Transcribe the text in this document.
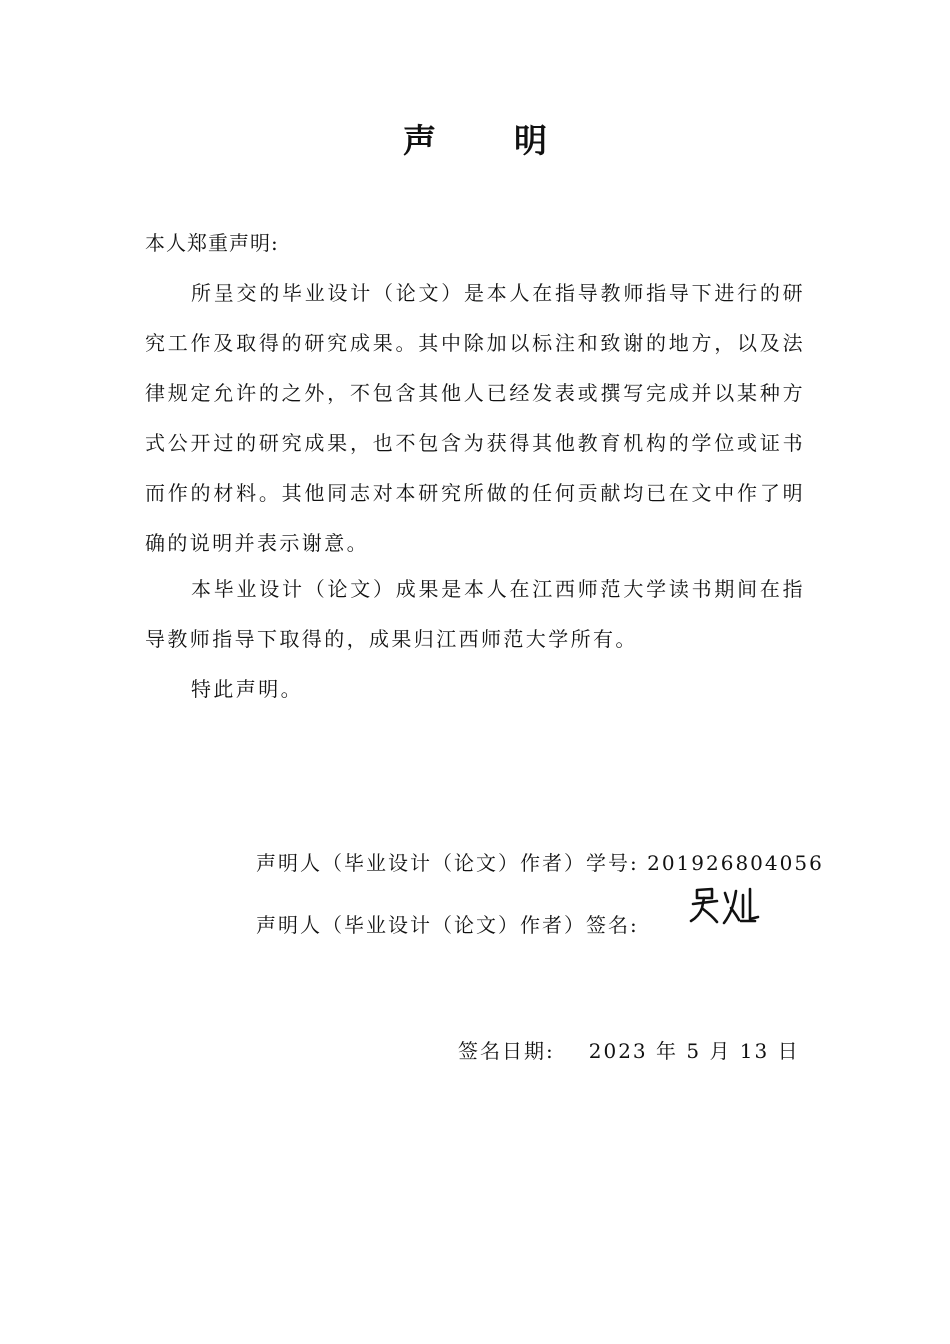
声明
本人郑重声明:
所呈交的毕业设计（论文）是本人在指导教师指导下进行的研究工作及取得的研究成果。其中除加以标注和致谢的地方，以及法律规定允许的之外，不包含其他人已经发表或撰写完成并以某种方式公开过的研究成果，也不包含为获得其他教育机构的学位或证书而作的材料。其他同志对本研究所做的任何贡献均已在文中作了明确的说明并表示谢意。
本毕业设计（论文）成果是本人在江西师范大学读书期间在指导教师指导下取得的，成果归江西师范大学所有。
特此声明。
声明人（毕业设计（论文）作者）学号: 201926804056
声明人（毕业设计（论文）作者）签名:
签名日期: 2023 年 5 月 13 日
